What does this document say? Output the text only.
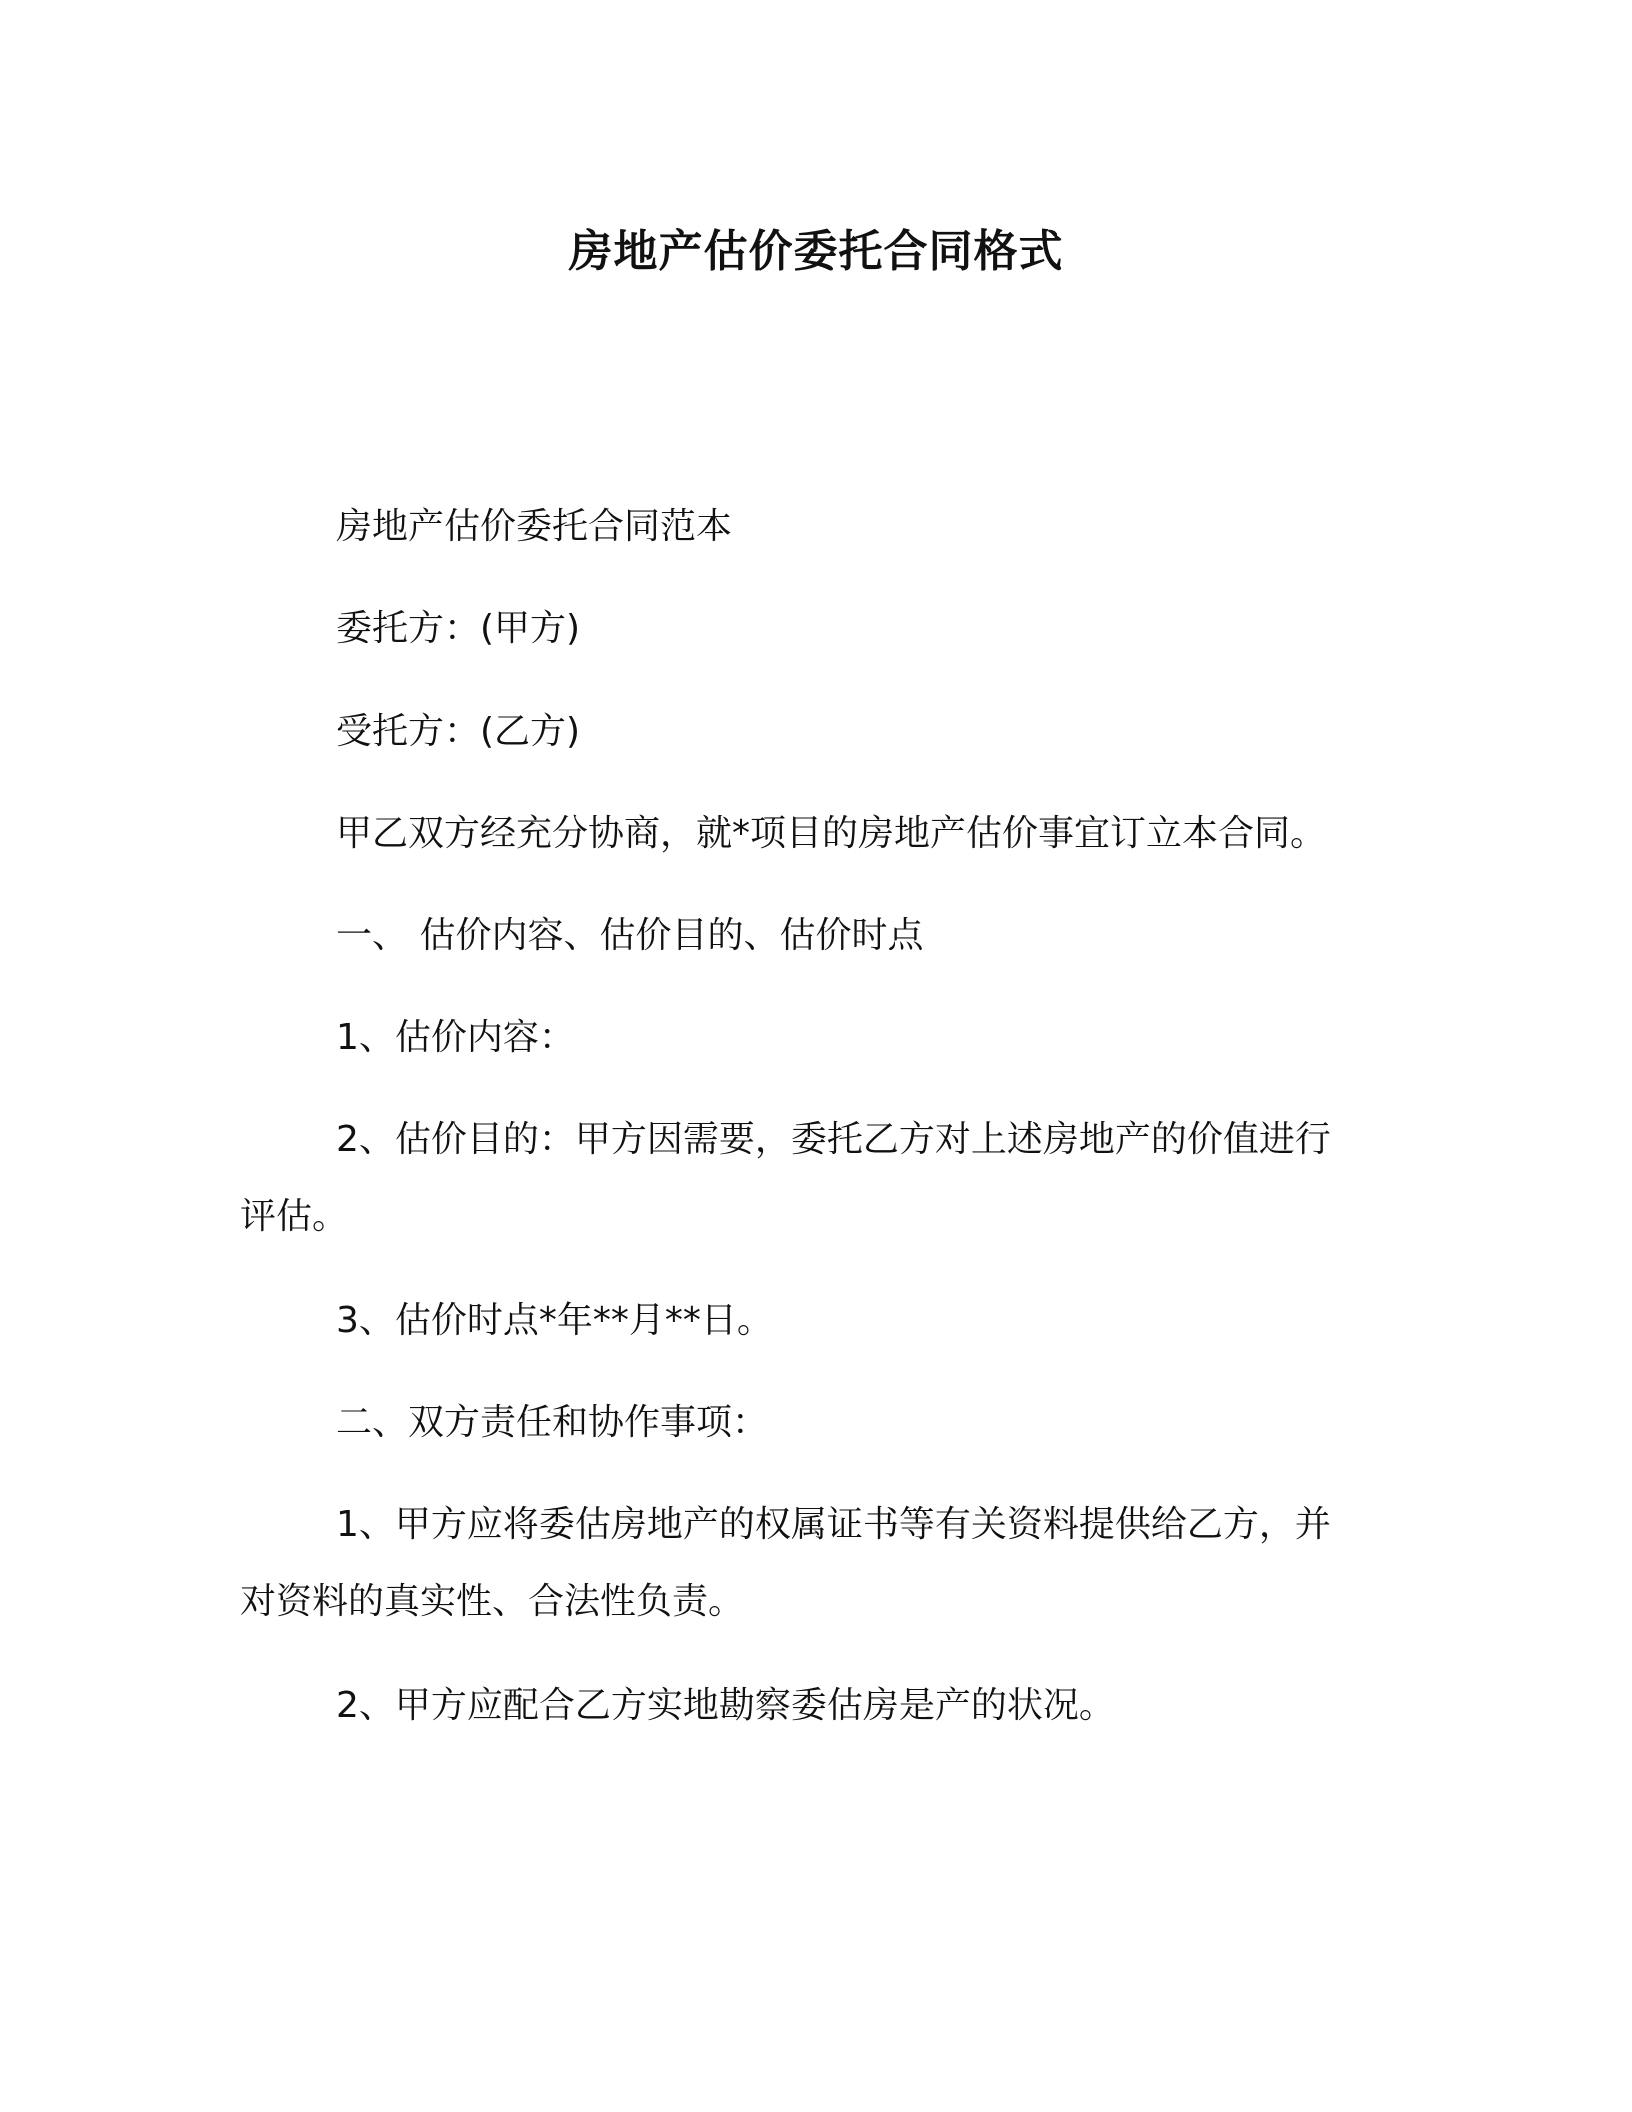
房地产估价委托合同格式
房地产估价委托合同范本
委托方：(甲方)
受托方：(乙方)
甲乙双方经充分协商，就*项目的房地产估价事宜订立本合同。
一、 估价内容、估价目的、估价时点
1、估价内容：
2、估价目的：甲方因需要，委托乙方对上述房地产的价值进行评估。
3、估价时点*年**月**日。
二、双方责任和协作事项：
1、甲方应将委估房地产的权属证书等有关资料提供给乙方，并对资料的真实性、合法性负责。
2、甲方应配合乙方实地勘察委估房是产的状况。
